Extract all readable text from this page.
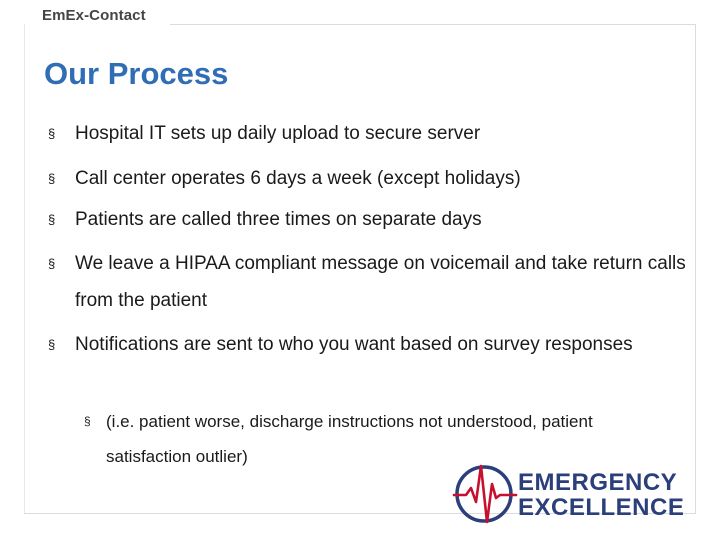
EmEx-Contact
Our Process
§ Hospital IT sets up daily upload to secure server
§ Call center operates 6 days a week (except holidays)
§ Patients are called three times on separate days
§ We leave a HIPAA compliant message on voicemail and take return calls from the patient
§ Notifications are sent to who you want based on survey responses
§ (i.e. patient worse, discharge instructions not understood, patient satisfaction outlier)
EMERGENCY
EXCELLENCE
